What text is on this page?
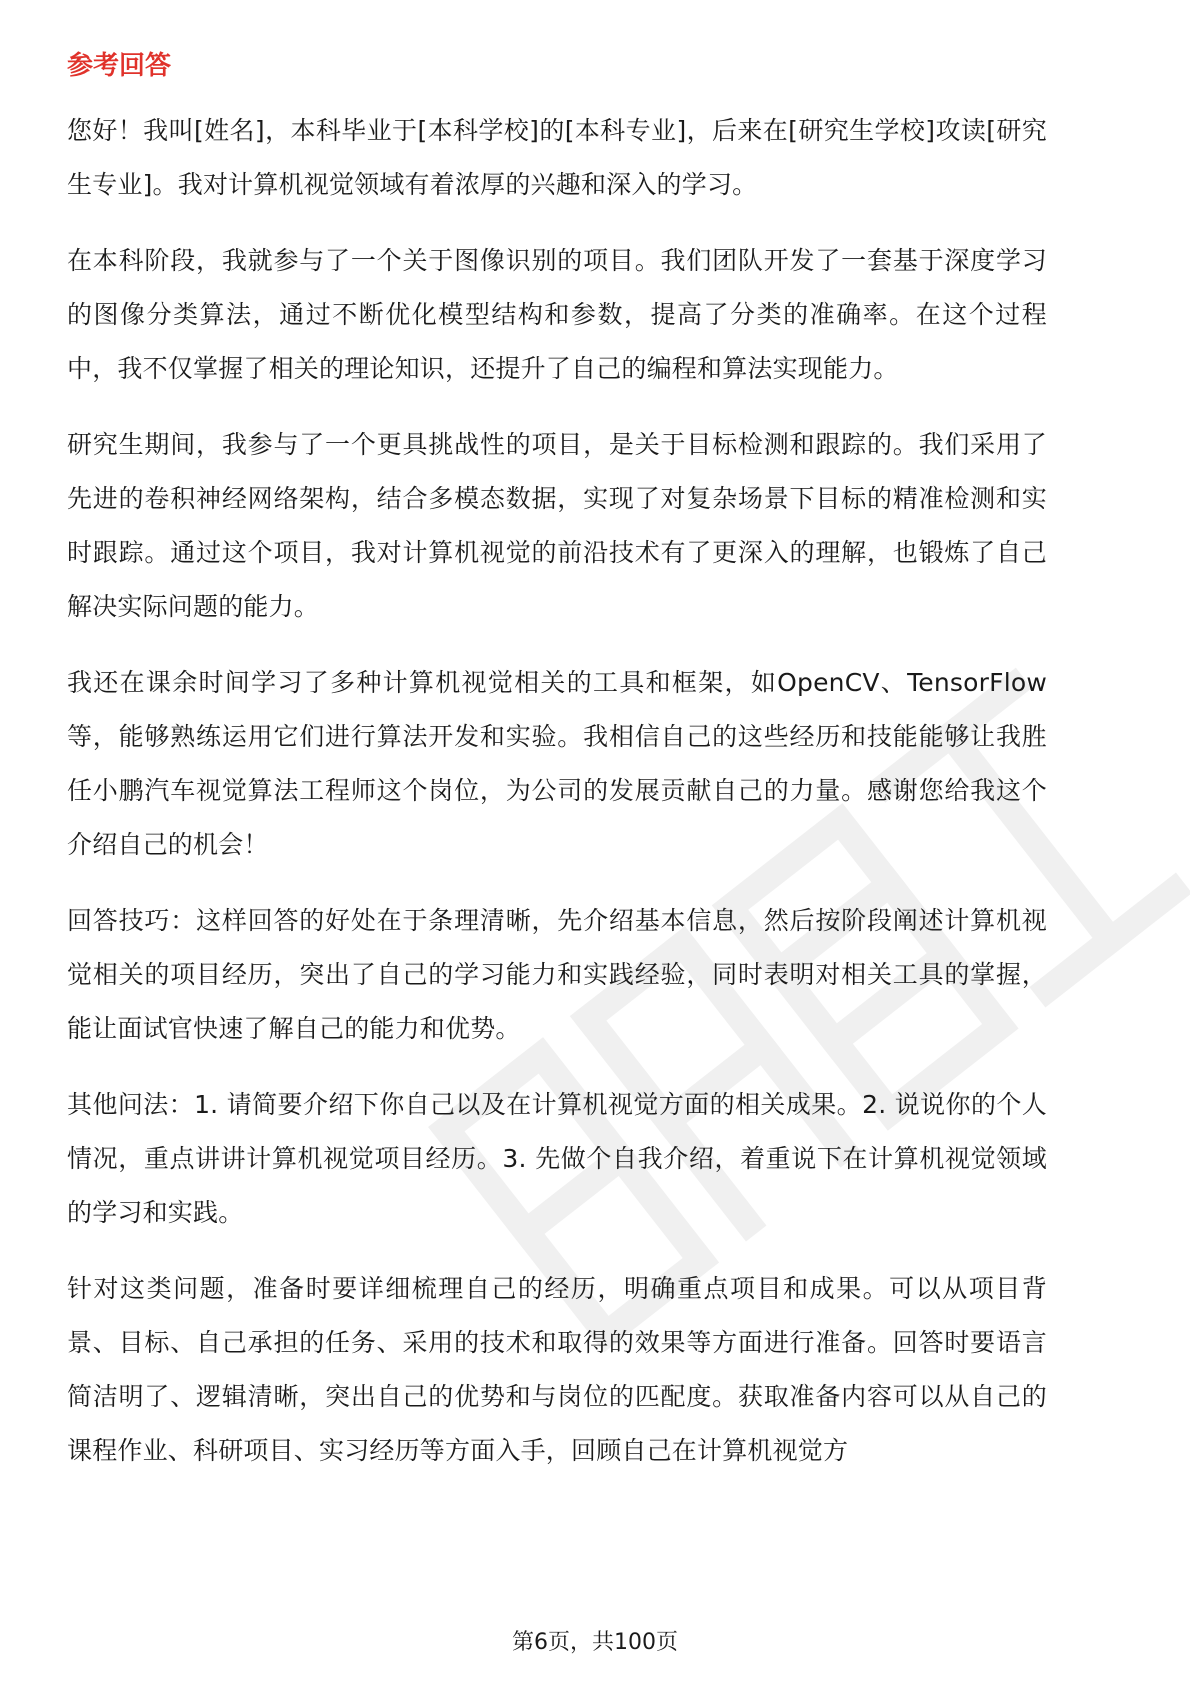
参考回答

您好！我叫[姓名]，本科毕业于[本科学校]的[本科专业]，后来在[研究生学校]攻读[研究生专业]。我对计算机视觉领域有着浓厚的兴趣和深入的学习。

在本科阶段，我就参与了一个关于图像识别的项目。我们团队开发了一套基于深度学习的图像分类算法，通过不断优化模型结构和参数，提高了分类的准确率。在这个过程中，我不仅掌握了相关的理论知识，还提升了自己的编程和算法实现能力。

研究生期间，我参与了一个更具挑战性的项目，是关于目标检测和跟踪的。我们采用了先进的卷积神经网络架构，结合多模态数据，实现了对复杂场景下目标的精准检测和实时跟踪。通过这个项目，我对计算机视觉的前沿技术有了更深入的理解，也锻炼了自己解决实际问题的能力。

我还在课余时间学习了多种计算机视觉相关的工具和框架，如OpenCV、TensorFlow等，能够熟练运用它们进行算法开发和实验。我相信自己的这些经历和技能能够让我胜任小鹏汽车视觉算法工程师这个岗位，为公司的发展贡献自己的力量。感谢您给我这个介绍自己的机会！

回答技巧：这样回答的好处在于条理清晰，先介绍基本信息，然后按阶段阐述计算机视觉相关的项目经历，突出了自己的学习能力和实践经验，同时表明对相关工具的掌握，能让面试官快速了解自己的能力和优势。

其他问法：1. 请简要介绍下你自己以及在计算机视觉方面的相关成果。2. 说说你的个人情况，重点讲讲计算机视觉项目经历。3. 先做个自我介绍，着重说下在计算机视觉领域的学习和实践。

针对这类问题，准备时要详细梳理自己的经历，明确重点项目和成果。可以从项目背景、目标、自己承担的任务、采用的技术和取得的效果等方面进行准备。回答时要语言简洁明了、逻辑清晰，突出自己的优势和与岗位的匹配度。获取准备内容可以从自己的课程作业、科研项目、实习经历等方面入手，回顾自己在计算机视觉方

第6页，共100页
